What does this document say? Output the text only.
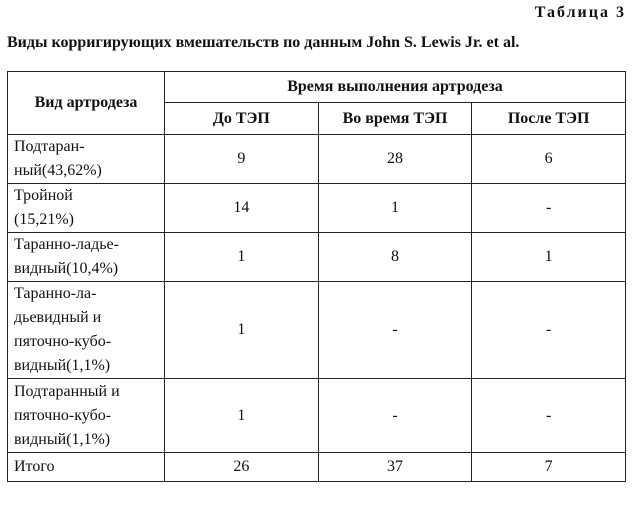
Таблица 3
Виды корригирующих вмешательств по данным John S. Lewis Jr. et al.
Вид артродеза	Время выполнения артродеза		
	До ТЭП	Во время ТЭП	После ТЭП
Подтаран-
ный(43,62%)	9	28	6
Тройной
(15,21%)	14	1	-
Таранно-ладье-
видный(10,4%)	1	8	1
Таранно-ла-
дьевидный и
пяточно-кубо-
видный(1,1%)	1	-	-
Подтаранный и
пяточно-кубо-
видный(1,1%)	1	-	-
Итого	26	37	7
